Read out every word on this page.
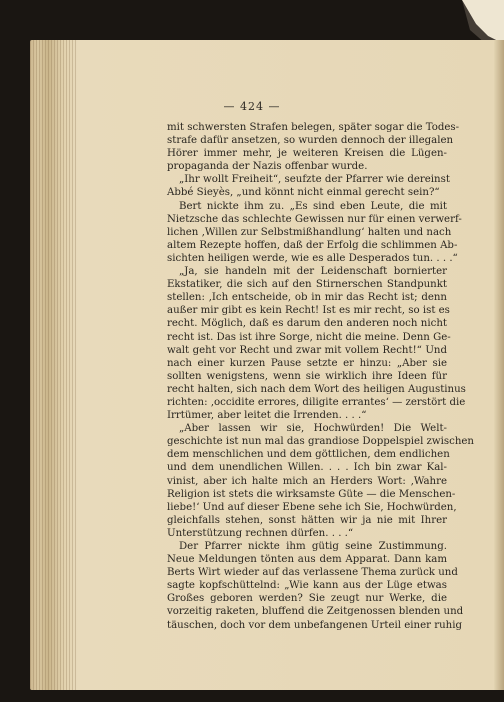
— 424 —
mit schwersten Strafen belegen, später sogar die Todes-
strafe dafür ansetzen, so wurden dennoch der illegalen
Hörer immer mehr, je weiteren Kreisen die Lügen-
propaganda der Nazis offenbar wurde.
„Ihr wollt Freiheit“, seufzte der Pfarrer wie dereinst
Abbé Sieyès, „und könnt nicht einmal gerecht sein?“
Bert nickte ihm zu. „Es sind eben Leute, die mit
Nietzsche das schlechte Gewissen nur für einen verwerf-
lichen ‚Willen zur Selbstmißhandlung‘ halten und nach
altem Rezepte hoffen, daß der Erfolg die schlimmen Ab-
sichten heiligen werde, wie es alle Desperados tun. . . .“
„Ja, sie handeln mit der Leidenschaft bornierter
Ekstatiker, die sich auf den Stirnerschen Standpunkt
stellen: ‚Ich entscheide, ob in mir das Recht ist; denn
außer mir gibt es kein Recht! Ist es mir recht, so ist es
recht. Möglich, daß es darum den anderen noch nicht
recht ist. Das ist ihre Sorge, nicht die meine. Denn Ge-
walt geht vor Recht und zwar mit vollem Recht!“ Und
nach einer kurzen Pause setzte er hinzu: „Aber sie
sollten wenigstens, wenn sie wirklich ihre Ideen für
recht halten, sich nach dem Wort des heiligen Augustinus
richten: ‚occidite errores, diligite errantes‘ — zerstört die
Irrtümer, aber leitet die Irrenden. . . .“
„Aber lassen wir sie, Hochwürden! Die Welt-
geschichte ist nun mal das grandiose Doppelspiel zwischen
dem menschlichen und dem göttlichen, dem endlichen
und dem unendlichen Willen. . . . Ich bin zwar Kal-
vinist, aber ich halte mich an Herders Wort: ‚Wahre
Religion ist stets die wirksamste Güte — die Menschen-
liebe!‘ Und auf dieser Ebene sehe ich Sie, Hochwürden,
gleichfalls stehen, sonst hätten wir ja nie mit Ihrer
Unterstützung rechnen dürfen. . . .“
Der Pfarrer nickte ihm gütig seine Zustimmung.
Neue Meldungen tönten aus dem Apparat. Dann kam
Berts Wirt wieder auf das verlassene Thema zurück und
sagte kopfschüttelnd: „Wie kann aus der Lüge etwas
Großes geboren werden? Sie zeugt nur Werke, die
vorzeitig raketen, bluffend die Zeitgenossen blenden und
täuschen, doch vor dem unbefangenen Urteil einer ruhig
